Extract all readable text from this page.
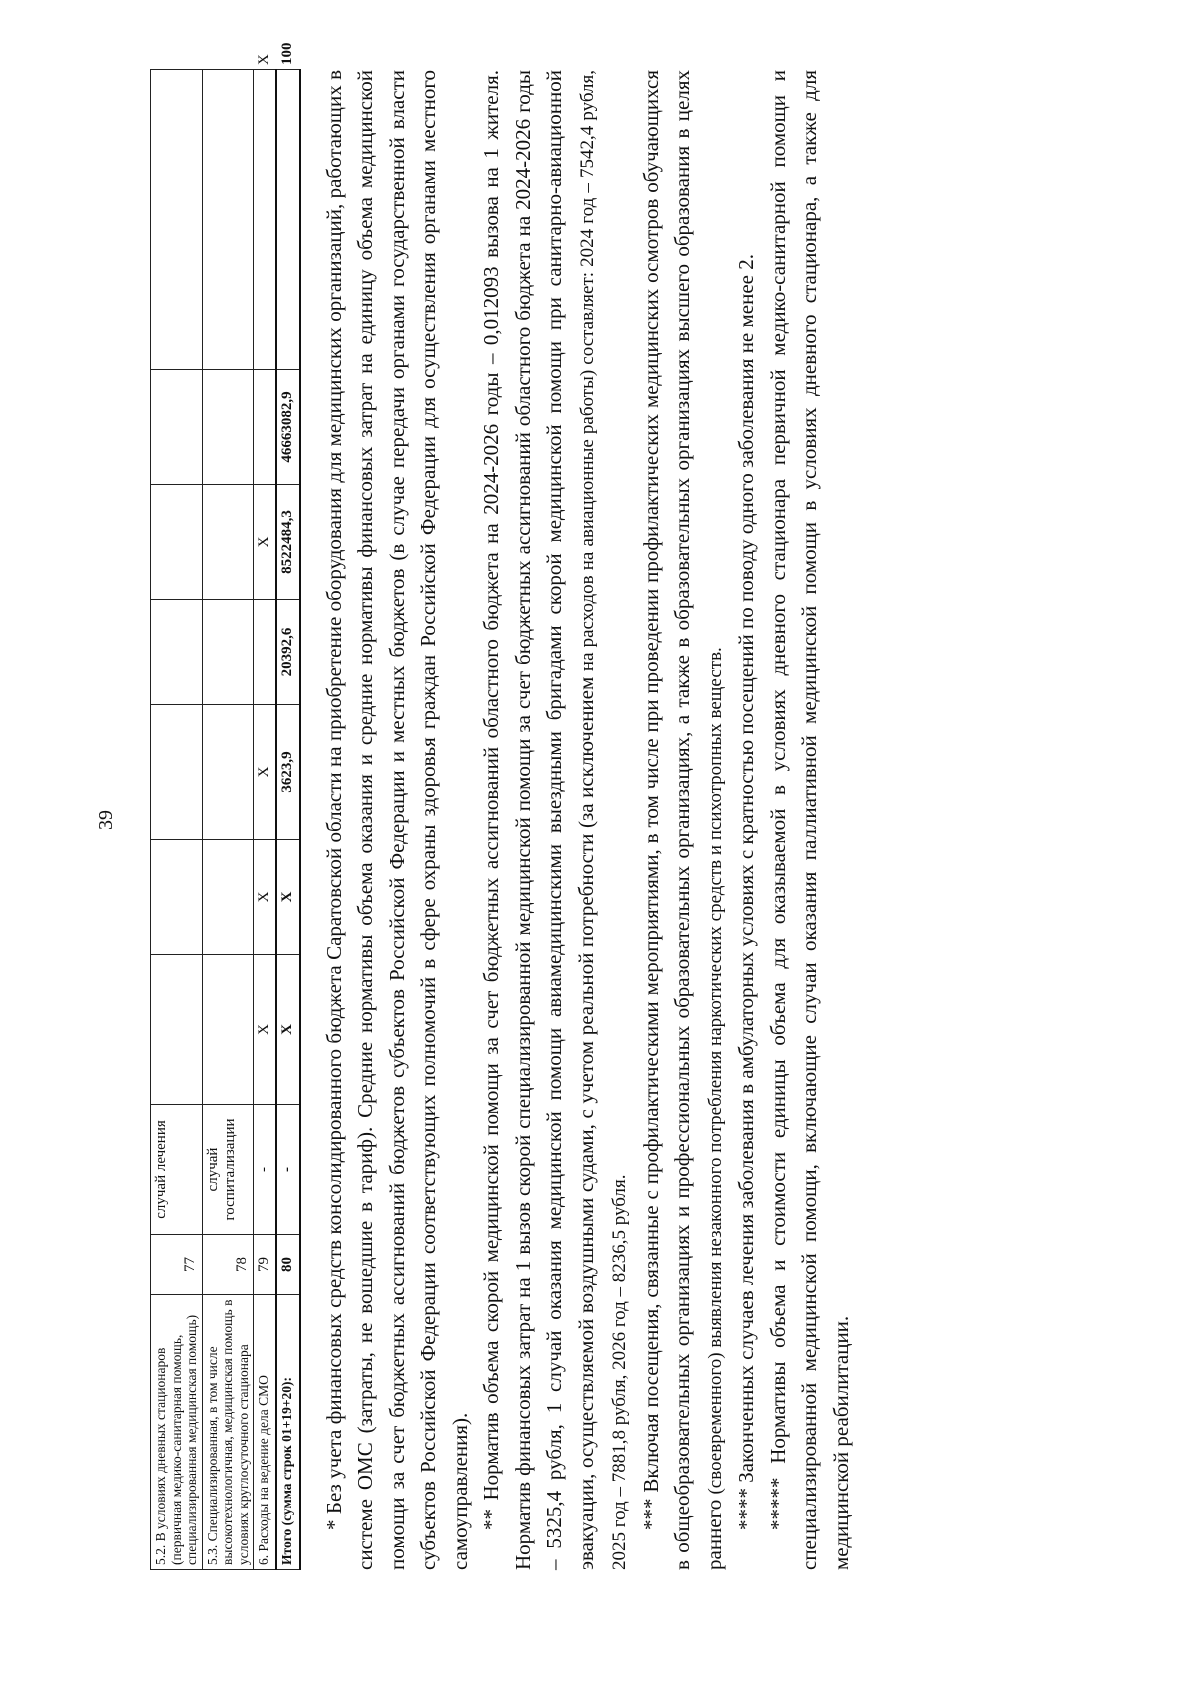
39
5.2. В условиях дневных стационаров (первичная медико-санитарная помощь, специализированная медицинская помощь)	77	случай лечения								
5.3. Специализированная, в том числе высокотехнологичная, медицинская помощь в условиях круглосуточного стационара	78	случай госпитализации								
6. Расходы на ведение дела СМО	79	-	X	X	X		X			X
Итого (сумма строк 01+19+20):	80	-	X	X	3623,9	20392,6	8522484,3	46663082,9		100

* Без учета финансовых средств консолидированного бюджета Саратовской области на приобретение оборудования для медицинских организаций, работающих в системе ОМС (затраты, не вошедшие в тариф). Средние нормативы объема оказания и средние нормативы финансовых затрат на единицу объема медицинской помощи за счет бюджетных ассигнований бюджетов субъектов Российской Федерации и местных бюджетов (в случае передачи органами государственной власти субъектов Российской Федерации соответствующих полномочий в сфере охраны здоровья граждан Российской Федерации для осуществления органами местного самоуправления). ** Норматив объема скорой медицинской помощи за счет бюджетных ассигнований областного бюджета на 2024-2026 годы – 0,012093 вызова на 1 жителя. Норматив финансовых затрат на 1 вызов скорой специализированной медицинской помощи за счет бюджетных ассигнований областного бюджета на 2024-2026 годы – 5325,4 рубля, 1 случай оказания медицинской помощи авиамедицинскими выездными бригадами скорой медицинской помощи при санитарно-авиационной эвакуации, осуществляемой воздушными судами, с учетом реальной потребности (за исключением на расходов на авиационные работы) составляет: 2024 год – 7542,4 рубля, 2025 год – 7881,8 рубля, 2026 год – 8236,5 рубля. *** Включая посещения, связанные с профилактическими мероприятиями, в том числе при проведении профилактических медицинских осмотров обучающихся в общеобразовательных организациях и профессиональных образовательных организациях, а также в образовательных организациях высшего образования в целях раннего (своевременного) выявления незаконного потребления наркотических средств и психотропных веществ. **** Законченных случаев лечения заболевания в амбулаторных условиях с кратностью посещений по поводу одного заболевания не менее 2. ***** Нормативы объема и стоимости единицы объема для оказываемой в условиях дневного стационара первичной медико-санитарной помощи и специализированной медицинской помощи, включающие случаи оказания паллиативной медицинской помощи в условиях дневного стационара, а также для медицинской реабилитации.
